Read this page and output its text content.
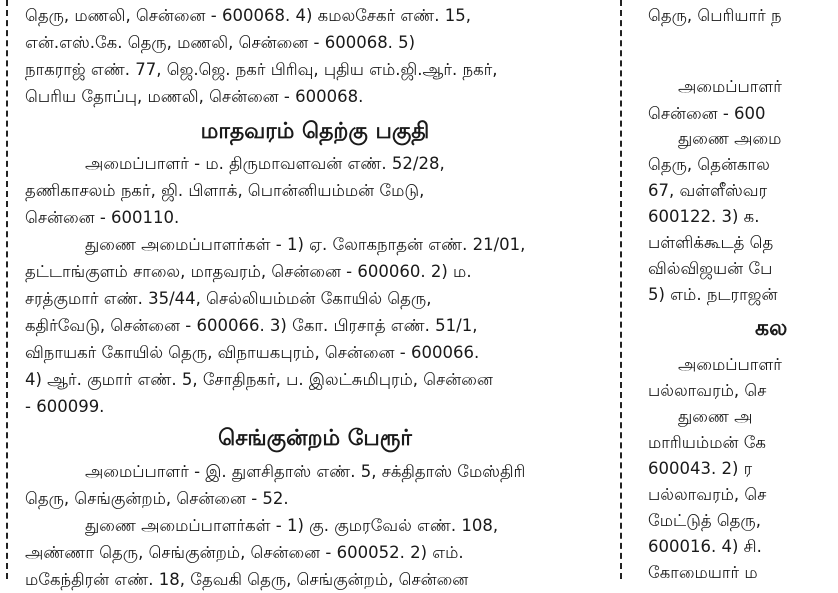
தெரு, மணலி, சென்னை - 600068. 4) கமலசேகர் எண். 15,
என்.எஸ்.கே. தெரு, மணலி, சென்னை - 600068. 5)
நாகராஜ் எண். 77, ஜெ.ஜெ. நகர் பிரிவு, புதிய எம்.ஜி.ஆர். நகர்,
பெரிய தோப்பு, மணலி, சென்னை - 600068.
மாதவரம் தெற்கு பகுதி
அமைப்பாளர் - ம. திருமாவளவன் எண். 52/28,
தணிகாசலம் நகர், ஜி. பிளாக், பொன்னியம்மன் மேடு,
சென்னை - 600110.
துணை அமைப்பாளர்கள் - 1) ஏ. லோகநாதன் எண். 21/01,
தட்டாங்குளம் சாலை, மாதவரம், சென்னை - 600060. 2) ம.
சரத்குமார் எண். 35/44, செல்லியம்மன் கோயில் தெரு,
கதிர்வேடு, சென்னை - 600066. 3) கோ. பிரசாத் எண். 51/1,
விநாயகர் கோயில் தெரு, விநாயகபுரம், சென்னை - 600066.
4) ஆர். குமார் எண். 5, சோதிநகர், ப. இலட்சுமிபுரம், சென்னை
- 600099.
செங்குன்றம் பேரூர்
அமைப்பாளர் - இ. துளசிதாஸ் எண். 5, சக்திதாஸ் மேஸ்திரி
தெரு, செங்குன்றம், சென்னை - 52.
துணை அமைப்பாளர்கள் - 1) கு. குமரவேல் எண். 108,
அண்ணா தெரு, செங்குன்றம், சென்னை - 600052. 2) எம்.
மகேந்திரன் எண். 18, தேவகி தெரு, செங்குன்றம், சென்னை
தெரு, பெரியார் ந
அமைப்பாளர்
சென்னை - 600
துணை அமை
தெரு, தென்கால
67, வள்ளீஸ்வர
600122. 3) க.
பள்ளிக்கூடத் தெ
வில்விஜயன் பே
5) எம். நடராஜன்
கல
அமைப்பாளர்
பல்லாவரம், செ
துணை அ
மாரியம்மன் கே
600043. 2) ர
பல்லாவரம், செ
மேட்டுத் தெரு,
600016. 4) சி.
கோமையார் ம
